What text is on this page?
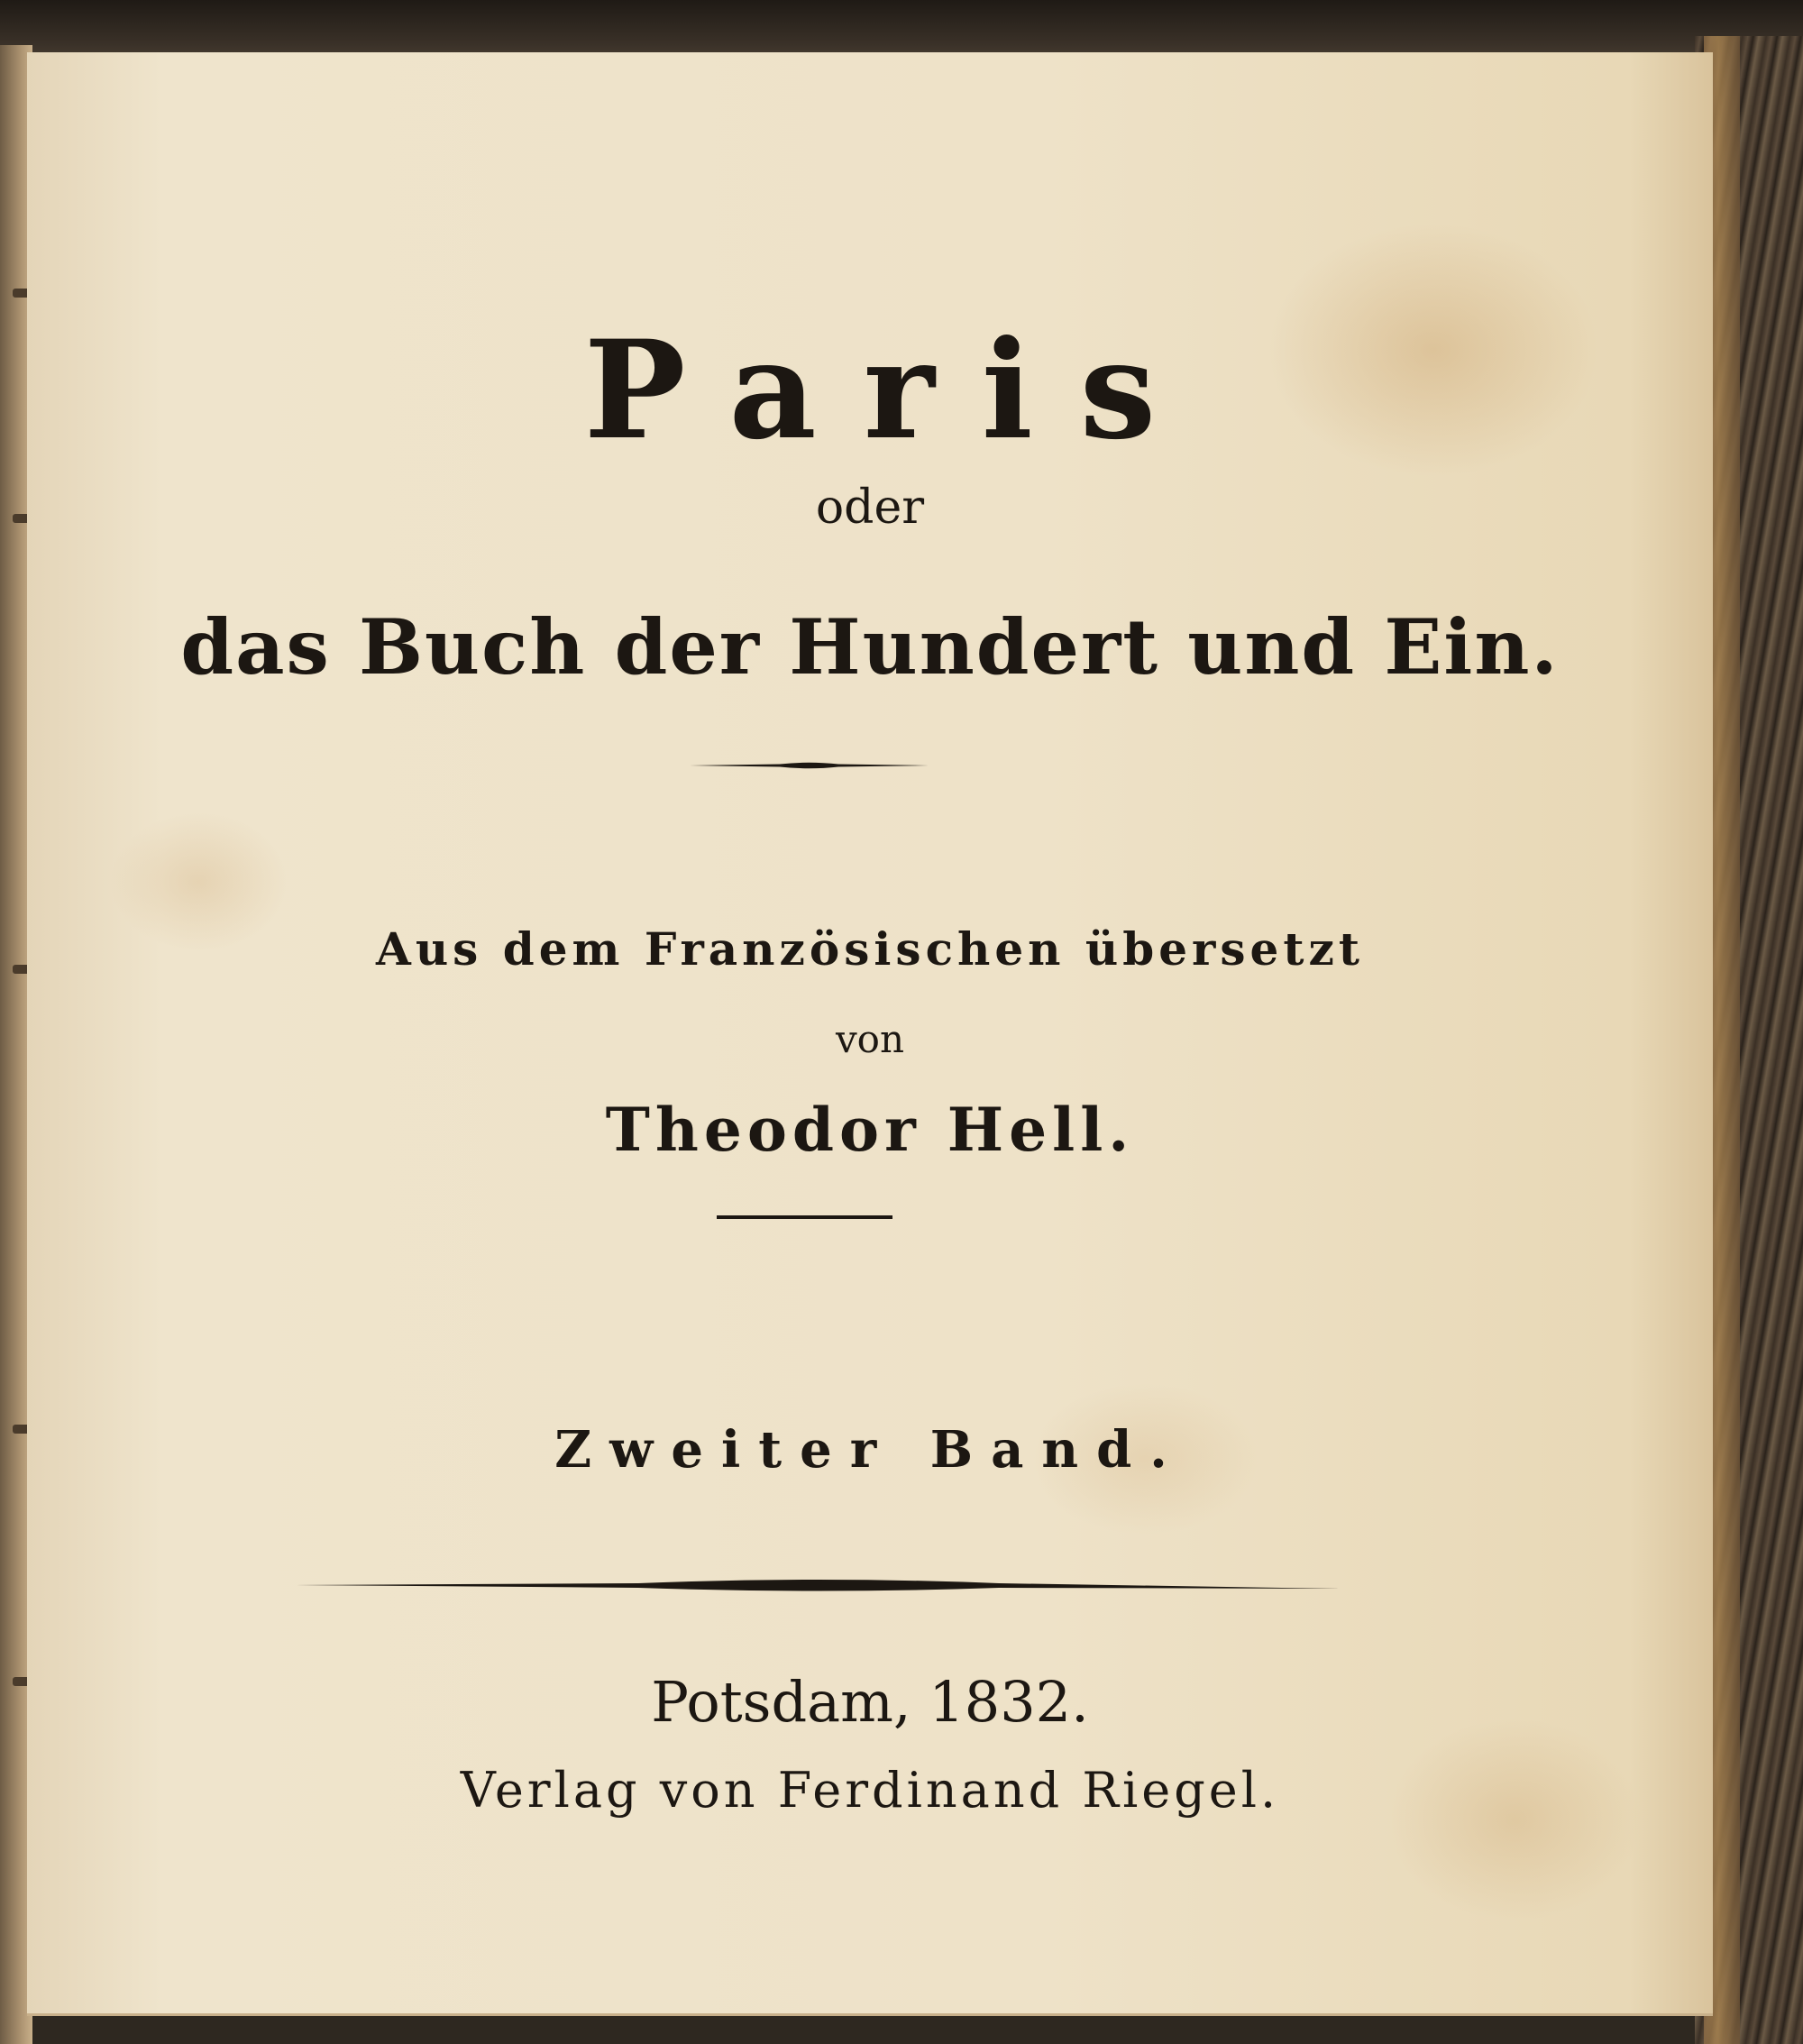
Paris

oder

das Buch der Hundert und Ein.

Aus dem Französischen übersetzt

von

Theodor Hell.

Zweiter Band.

Potsdam, 1832.

Verlag von Ferdinand Riegel.
